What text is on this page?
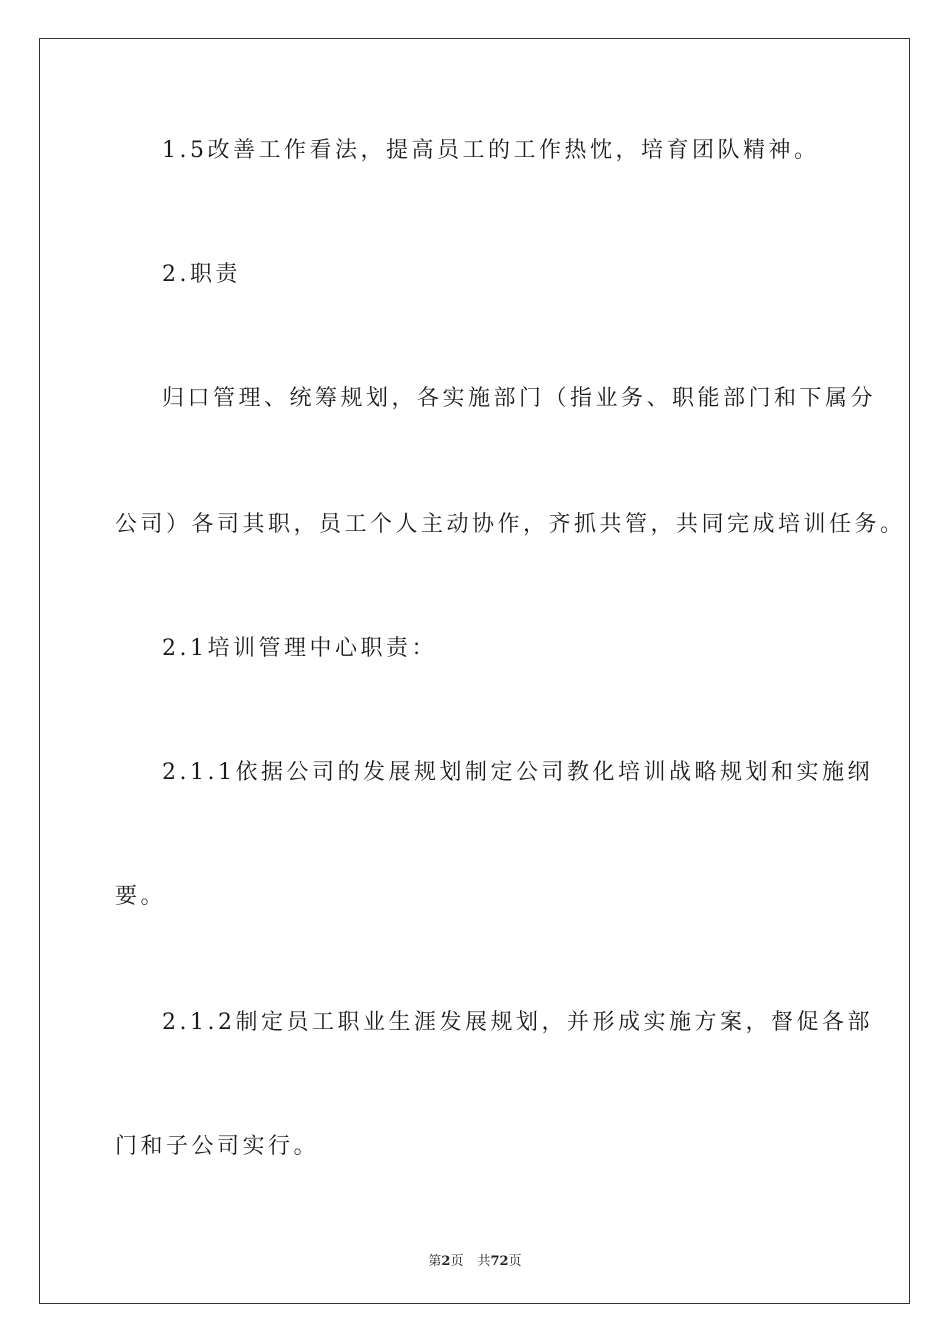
1.5改善工作看法，提高员工的工作热忱，培育团队精神。
2.职责
归口管理、统筹规划，各实施部门（指业务、职能部门和下属分
公司）各司其职，员工个人主动协作，齐抓共管，共同完成培训任务。
2.1培训管理中心职责：
2.1.1依据公司的发展规划制定公司教化培训战略规划和实施纲
要。
2.1.2制定员工职业生涯发展规划，并形成实施方案，督促各部
门和子公司实行。
第2页 共72页
